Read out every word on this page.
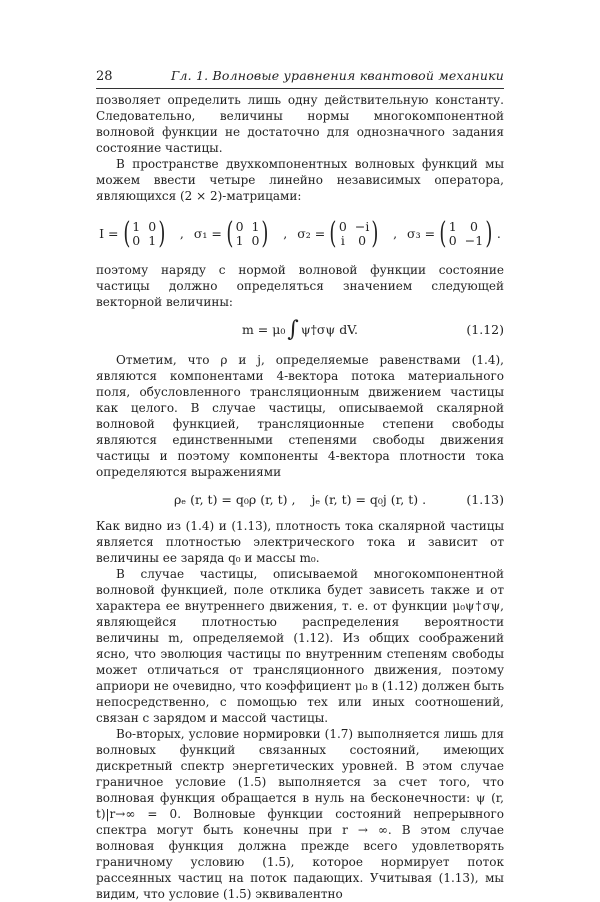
28	Гл. 1. Волновые уравнения квантовой механики

позволяет определить лишь одну действительную константу. Следовательно, величины нормы многокомпонентной волновой функции не достаточно для однозначного задания состояние частицы.

В пространстве двухкомпонентных волновых функций мы можем ввести четыре линейно независимых оператора, являющихся (2 × 2)-матрицами:

I = ( 1 0
0 1 ) , σ₁ = ( 0 1
1 0 ) , σ₂ = ( 0 −i
i 0 ) , σ₃ = ( 1	0
0 −1 ) .

поэтому наряду с нормой волновой функции состояние частицы должно определяться значением следующей векторной величины:

m = μ₀ ∫ ψ†σψ dV.	(1.12)

Отметим, что ρ и j, определяемые равенствами (1.4), являются компонентами 4-вектора потока материального поля, обусловленного трансляционным движением частицы как целого. В случае частицы, описываемой скалярной волновой функцией, трансляционные степени свободы являются единственными степенями свободы движения частицы и поэтому компоненты 4-вектора плотности тока определяются выражениями

ρₑ (r, t) = q₀ρ (r, t) , jₑ (r, t) = q₀j (r, t) .	(1.13)

Как видно из (1.4) и (1.13), плотность тока скалярной частицы является плотностью электрического тока и зависит от величины ее заряда q₀ и массы m₀.

В случае частицы, описываемой многокомпонентной волновой функцией, поле отклика будет зависеть также и от характера ее внутреннего движения, т. е. от функции μ₀ψ†σψ, являющейся плотностью распределения вероятности величины m, определяемой (1.12). Из общих соображений ясно, что эволюция частицы по внутренним степеням свободы может отличаться от трансляционного движения, поэтому априори не очевидно, что коэффициент μ₀ в (1.12) должен быть непосредственно, с помощью тех или иных соотношений, связан с зарядом и массой частицы.

Во-вторых, условие нормировки (1.7) выполняется лишь для волновых функций связанных состояний, имеющих дискретный спектр энергетических уровней. В этом случае граничное условие (1.5) выполняется за счет того, что волновая функция обращается в нуль на бесконечности: ψ (r, t)|r→∞ = 0. Волновые функции состояний непрерывного спектра могут быть конечны при r → ∞. В этом случае волновая функция должна прежде всего удовлетворять граничному условию (1.5), которое нормирует поток рассеянных частиц на поток падающих. Учитывая (1.13), мы видим, что условие (1.5) эквивалентно
